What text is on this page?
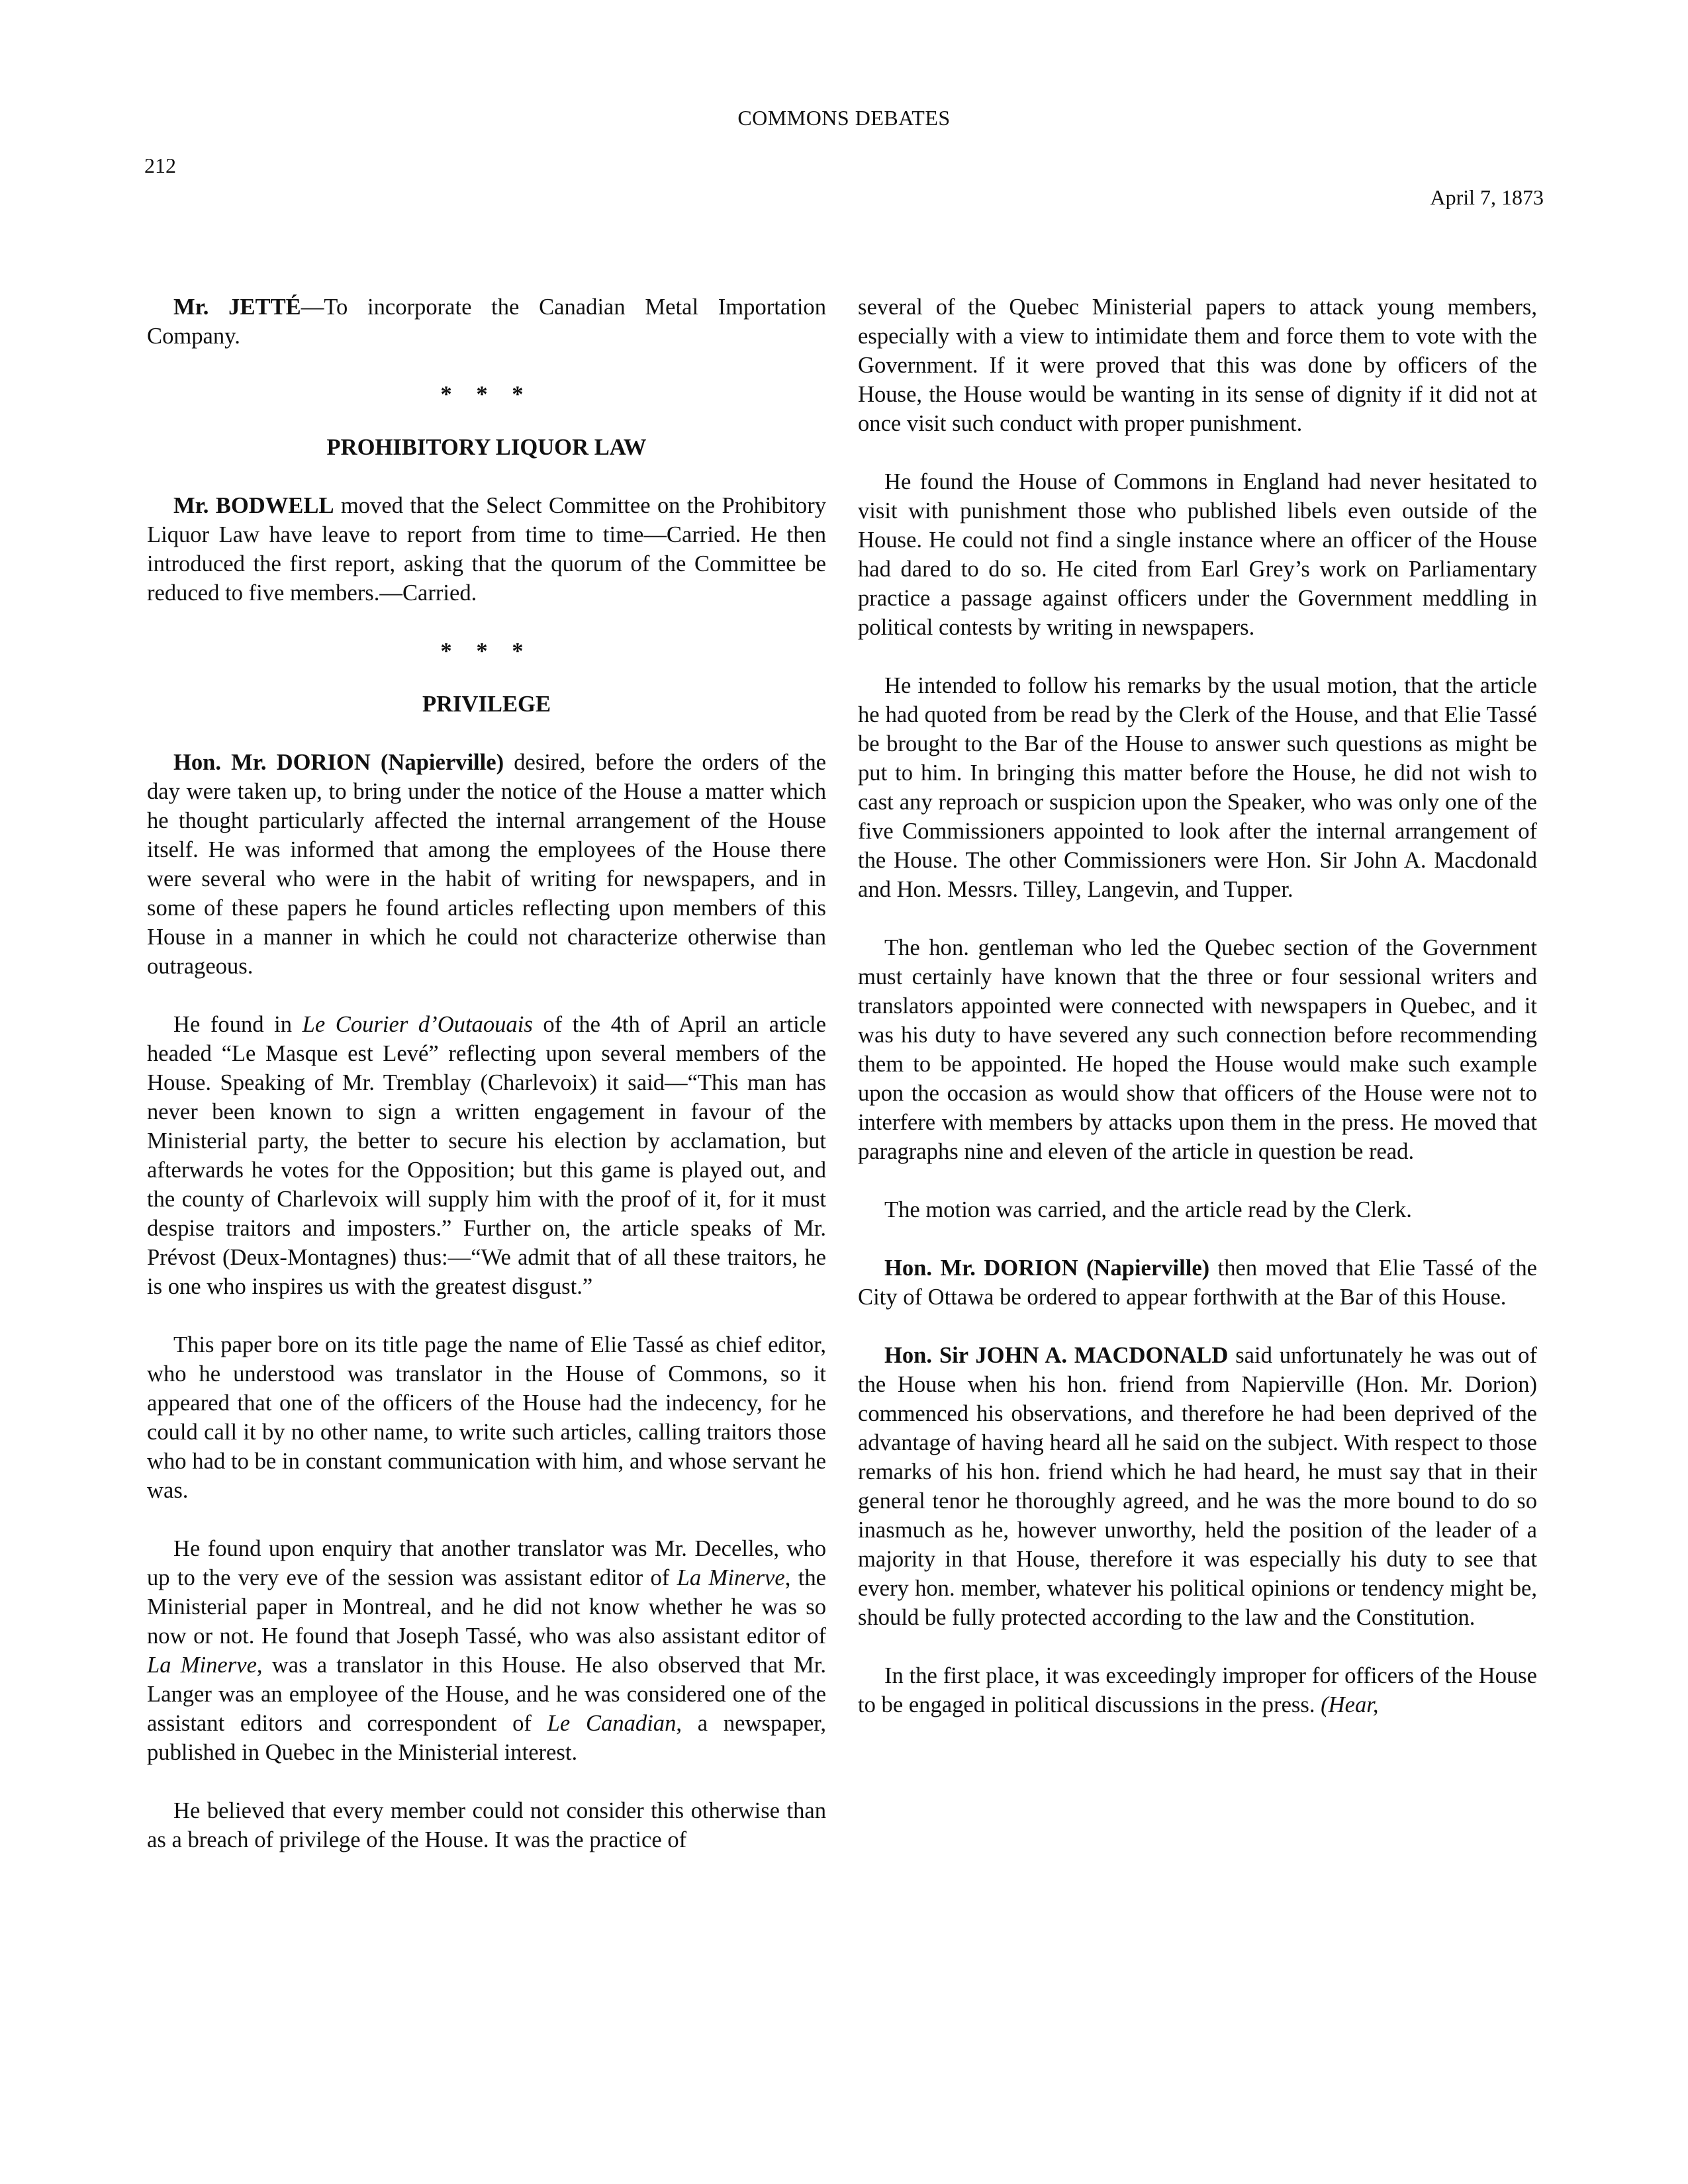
COMMONS DEBATES
212
April 7, 1873

Mr. JETTÉ—To incorporate the Canadian Metal Importation Company.

* * *
PROHIBITORY LIQUOR LAW

Mr. BODWELL moved that the Select Committee on the Prohibitory Liquor Law have leave to report from time to time—Carried. He then introduced the first report, asking that the quorum of the Committee be reduced to five members.—Carried.

* * *
PRIVILEGE

Hon. Mr. DORION (Napierville) desired, before the orders of the day were taken up, to bring under the notice of the House a matter which he thought particularly affected the internal arrangement of the House itself. He was informed that among the employees of the House there were several who were in the habit of writing for newspapers, and in some of these papers he found articles reflecting upon members of this House in a manner in which he could not characterize otherwise than outrageous.

He found in Le Courier d’Outaouais of the 4th of April an article headed “Le Masque est Levé” reflecting upon several members of the House. Speaking of Mr. Tremblay (Charlevoix) it said—“This man has never been known to sign a written engagement in favour of the Ministerial party, the better to secure his election by acclamation, but afterwards he votes for the Opposition; but this game is played out, and the county of Charlevoix will supply him with the proof of it, for it must despise traitors and imposters.” Further on, the article speaks of Mr. Prévost (Deux-Montagnes) thus:—“We admit that of all these traitors, he is one who inspires us with the greatest disgust.”

This paper bore on its title page the name of Elie Tassé as chief editor, who he understood was translator in the House of Commons, so it appeared that one of the officers of the House had the indecency, for he could call it by no other name, to write such articles, calling traitors those who had to be in constant communication with him, and whose servant he was.

He found upon enquiry that another translator was Mr. Decelles, who up to the very eve of the session was assistant editor of La Minerve, the Ministerial paper in Montreal, and he did not know whether he was so now or not. He found that Joseph Tassé, who was also assistant editor of La Minerve, was a translator in this House. He also observed that Mr. Langer was an employee of the House, and he was considered one of the assistant editors and correspondent of Le Canadian, a newspaper, published in Quebec in the Ministerial interest.

He believed that every member could not consider this otherwise than as a breach of privilege of the House. It was the practice of

several of the Quebec Ministerial papers to attack young members, especially with a view to intimidate them and force them to vote with the Government. If it were proved that this was done by officers of the House, the House would be wanting in its sense of dignity if it did not at once visit such conduct with proper punishment.

He found the House of Commons in England had never hesitated to visit with punishment those who published libels even outside of the House. He could not find a single instance where an officer of the House had dared to do so. He cited from Earl Grey’s work on Parliamentary practice a passage against officers under the Government meddling in political contests by writing in newspapers.

He intended to follow his remarks by the usual motion, that the article he had quoted from be read by the Clerk of the House, and that Elie Tassé be brought to the Bar of the House to answer such questions as might be put to him. In bringing this matter before the House, he did not wish to cast any reproach or suspicion upon the Speaker, who was only one of the five Commissioners appointed to look after the internal arrangement of the House. The other Commissioners were Hon. Sir John A. Macdonald and Hon. Messrs. Tilley, Langevin, and Tupper.

The hon. gentleman who led the Quebec section of the Government must certainly have known that the three or four sessional writers and translators appointed were connected with newspapers in Quebec, and it was his duty to have severed any such connection before recommending them to be appointed. He hoped the House would make such example upon the occasion as would show that officers of the House were not to interfere with members by attacks upon them in the press. He moved that paragraphs nine and eleven of the article in question be read.

The motion was carried, and the article read by the Clerk.

Hon. Mr. DORION (Napierville) then moved that Elie Tassé of the City of Ottawa be ordered to appear forthwith at the Bar of this House.

Hon. Sir JOHN A. MACDONALD said unfortunately he was out of the House when his hon. friend from Napierville (Hon. Mr. Dorion) commenced his observations, and therefore he had been deprived of the advantage of having heard all he said on the subject. With respect to those remarks of his hon. friend which he had heard, he must say that in their general tenor he thoroughly agreed, and he was the more bound to do so inasmuch as he, however unworthy, held the position of the leader of a majority in that House, therefore it was especially his duty to see that every hon. member, whatever his political opinions or tendency might be, should be fully protected according to the law and the Constitution.

In the first place, it was exceedingly improper for officers of the House to be engaged in political discussions in the press. (Hear,
